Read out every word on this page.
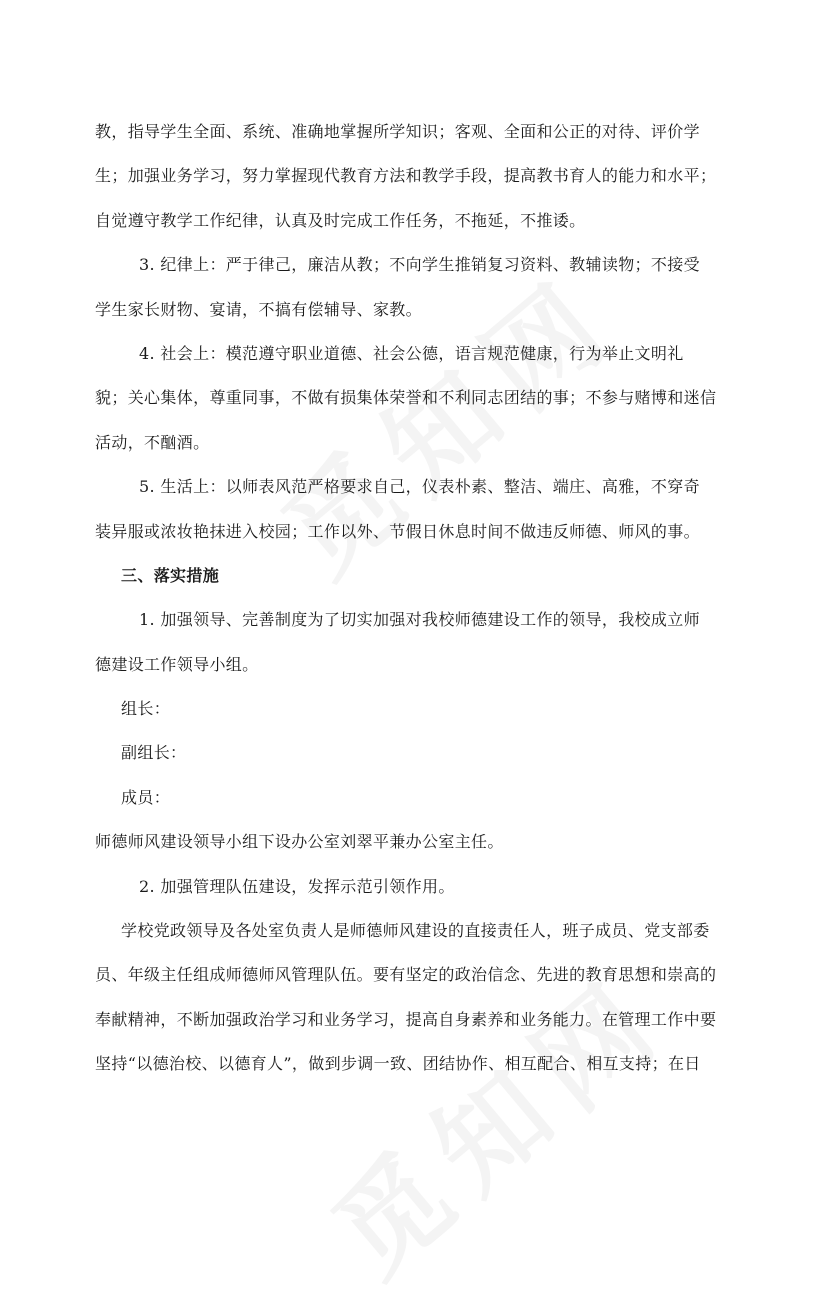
教，指导学生全面、系统、准确地掌握所学知识；客观、全面和公正的对待、评价学
生；加强业务学习，努力掌握现代教育方法和教学手段，提高教书育人的能力和水平；
自觉遵守教学工作纪律，认真及时完成工作任务，不拖延，不推诿。
3. 纪律上：严于律己，廉洁从教；不向学生推销复习资料、教辅读物；不接受
学生家长财物、宴请，不搞有偿辅导、家教。
4. 社会上：模范遵守职业道德、社会公德，语言规范健康，行为举止文明礼
貌；关心集体，尊重同事，不做有损集体荣誉和不利同志团结的事；不参与赌博和迷信
活动，不酗酒。
5. 生活上：以师表风范严格要求自己，仪表朴素、整洁、端庄、高雅，不穿奇
装异服或浓妆艳抹进入校园；工作以外、节假日休息时间不做违反师德、师风的事。
三、落实措施
1. 加强领导、完善制度为了切实加强对我校师德建设工作的领导，我校成立师
德建设工作领导小组。
组长：
副组长：
成员：
师德师风建设领导小组下设办公室刘翠平兼办公室主任。
2. 加强管理队伍建设，发挥示范引领作用。
学校党政领导及各处室负责人是师德师风建设的直接责任人，班子成员、党支部委
员、年级主任组成师德师风管理队伍。要有坚定的政治信念、先进的教育思想和崇高的
奉献精神，不断加强政治学习和业务学习，提高自身素养和业务能力。在管理工作中要
坚持“以德治校、以德育人”，做到步调一致、团结协作、相互配合、相互支持；在日
